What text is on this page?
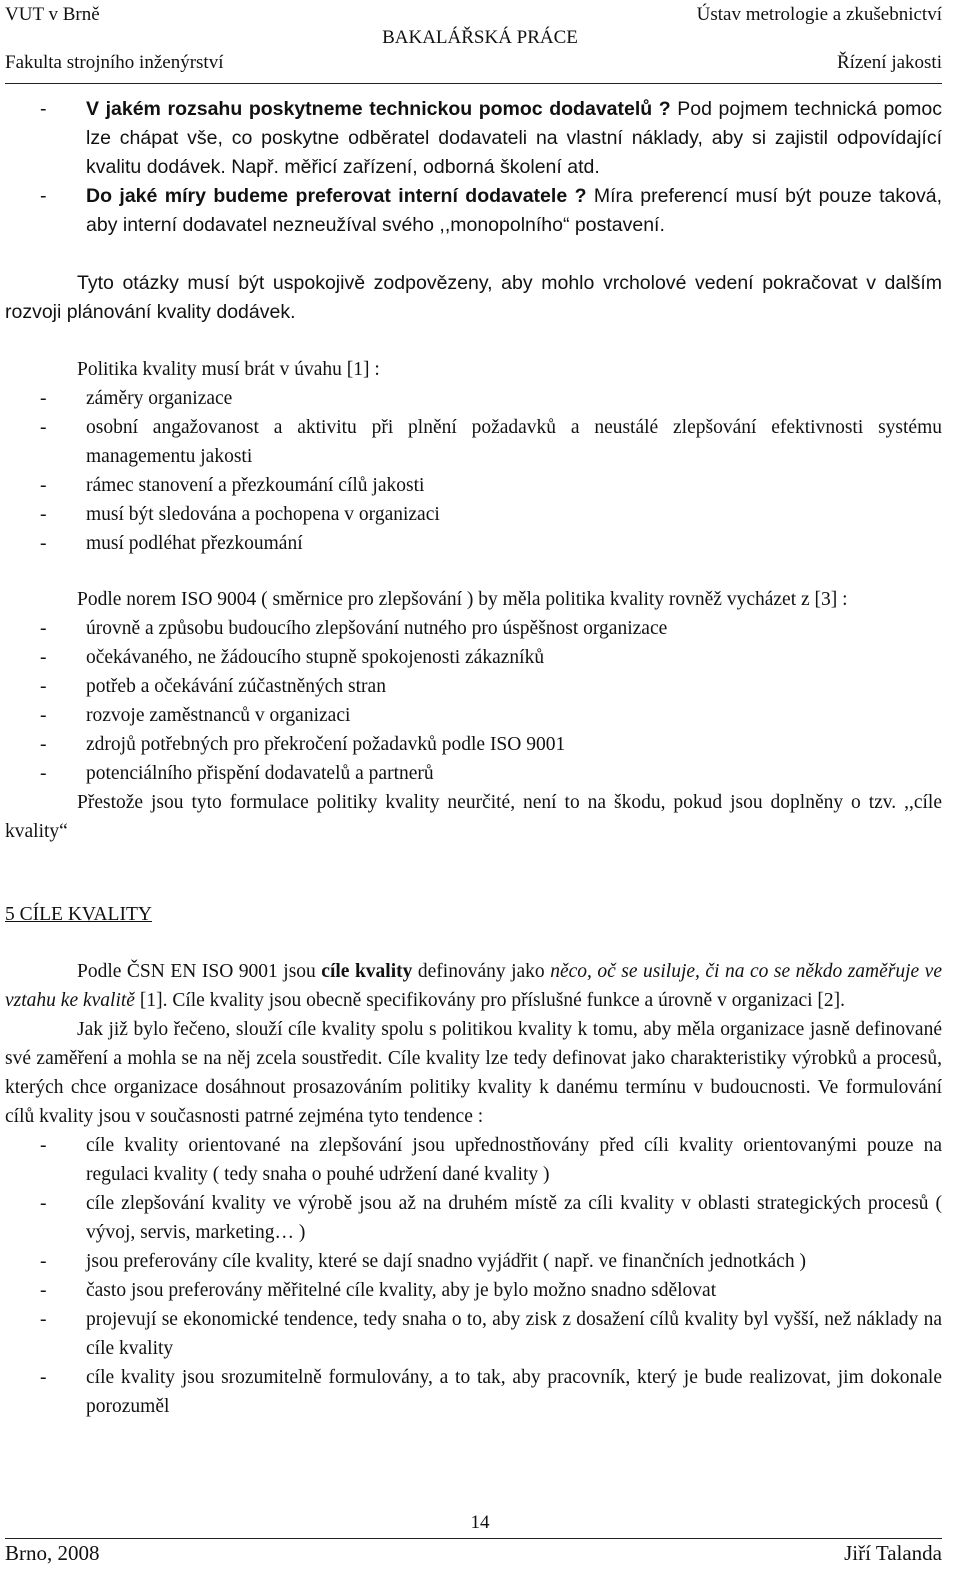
VUT v Brně	Ústav metrologie a zkušebnictví
BAKALÁŘSKÁ PRÁCE
Fakulta strojního inženýrství	Řízení jakosti
- V jakém rozsahu poskytneme technickou pomoc dodavatelů ? Pod pojmem technická pomoc lze chápat vše, co poskytne odběratel dodavateli na vlastní náklady, aby si zajistil odpovídající kvalitu dodávek. Např. měřicí zařízení, odborná školení atd.
- Do jaké míry budeme preferovat interní dodavatele ? Míra preferencí musí být pouze taková, aby interní dodavatel nezneužíval svého ,,monopolního“ postavení.
Tyto otázky musí být uspokojivě zodpovězeny, aby mohlo vrcholové vedení pokračovat v dalším rozvoji plánování kvality dodávek.
Politika kvality musí brát v úvahu [1] :
- záměry organizace
- osobní angažovanost a aktivitu při plnění požadavků a neustálé zlepšování efektivnosti systému managementu jakosti
- rámec stanovení a přezkoumání cílů jakosti
- musí být sledována a pochopena v organizaci
- musí podléhat přezkoumání
Podle norem ISO 9004 ( směrnice pro zlepšování ) by měla politika kvality rovněž vycházet z [3] :
- úrovně a způsobu budoucího zlepšování nutného pro úspěšnost organizace
- očekávaného, ne žádoucího stupně spokojenosti zákazníků
- potřeb a očekávání zúčastněných stran
- rozvoje zaměstnanců v organizaci
- zdrojů potřebných pro překročení požadavků podle ISO 9001
- potenciálního přispění dodavatelů a partnerů
Přestože jsou tyto formulace politiky kvality neurčité, není to na škodu, pokud jsou doplněny o tzv. ,,cíle kvality“
5 CÍLE KVALITY
Podle ČSN EN ISO 9001 jsou cíle kvality definovány jako něco, oč se usiluje, či na co se někdo zaměřuje ve vztahu ke kvalitě [1]. Cíle kvality jsou obecně specifikovány pro příslušné funkce a úrovně v organizaci [2].
Jak již bylo řečeno, slouží cíle kvality spolu s politikou kvality k tomu, aby měla organizace jasně definované své zaměření a mohla se na něj zcela soustředit. Cíle kvality lze tedy definovat jako charakteristiky výrobků a procesů, kterých chce organizace dosáhnout prosazováním politiky kvality k danému termínu v budoucnosti. Ve formulování cílů kvality jsou v současnosti patrné zejména tyto tendence :
- cíle kvality orientované na zlepšování jsou upřednostňovány před cíli kvality orientovanými pouze na regulaci kvality ( tedy snaha o pouhé udržení dané kvality )
- cíle zlepšování kvality ve výrobě jsou až na druhém místě za cíli kvality v oblasti strategických procesů ( vývoj, servis, marketing… )
- jsou preferovány cíle kvality, které se dají snadno vyjádřit ( např. ve finančních jednotkách )
- často jsou preferovány měřitelné cíle kvality, aby je bylo možno snadno sdělovat
- projevují se ekonomické tendence, tedy snaha o to, aby zisk z dosažení cílů kvality byl vyšší, než náklady na cíle kvality
- cíle kvality jsou srozumitelně formulovány, a to tak, aby pracovník, který je bude realizovat, jim dokonale porozuměl
14
Brno, 2008	Jiří Talanda
